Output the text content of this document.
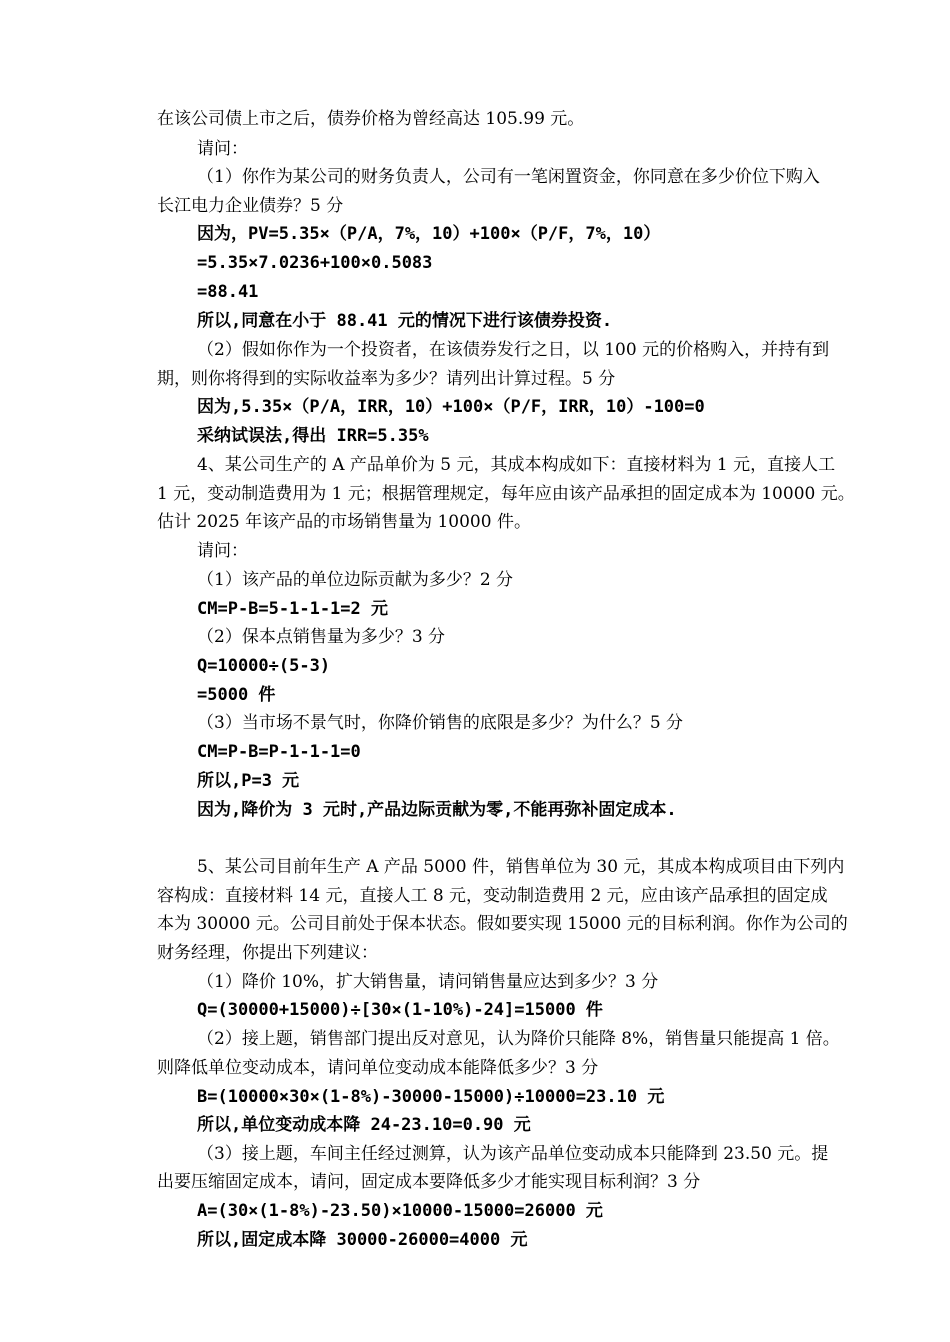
在该公司债上市之后，债券价格为曾经高达 105.99 元。
请问：
（1）你作为某公司的财务负责人，公司有一笔闲置资金，你同意在多少价位下购入
长江电力企业债券？5 分
因为，PV=5.35×（P/A，7%，10）+100×（P/F，7%，10）
=5.35×7.0236+100×0.5083
=88.41
所以,同意在小于 88.41 元的情况下进行该债券投资.
（2）假如你作为一个投资者，在该债券发行之日，以 100 元的价格购入，并持有到
期，则你将得到的实际收益率为多少？请列出计算过程。5 分
因为,5.35×（P/A，IRR，10）+100×（P/F，IRR，10）-100=0
采纳试误法,得出 IRR=5.35%
4、某公司生产的 A 产品单价为 5 元，其成本构成如下：直接材料为 1 元，直接人工
1 元，变动制造费用为 1 元；根据管理规定，每年应由该产品承担的固定成本为 10000 元。
估计 2025 年该产品的市场销售量为 10000 件。
请问：
（1）该产品的单位边际贡献为多少？2 分
CM=P-B=5-1-1-1=2 元
（2）保本点销售量为多少？3 分
Q=10000÷(5-3)
=5000 件
（3）当市场不景气时，你降价销售的底限是多少？为什么？5 分
CM=P-B=P-1-1-1=0
所以,P=3 元
因为,降价为 3 元时,产品边际贡献为零,不能再弥补固定成本.
5、某公司目前年生产 A 产品 5000 件，销售单位为 30 元，其成本构成项目由下列内
容构成：直接材料 14 元，直接人工 8 元，变动制造费用 2 元，应由该产品承担的固定成
本为 30000 元。公司目前处于保本状态。假如要实现 15000 元的目标利润。你作为公司的
财务经理，你提出下列建议：
（1）降价 10%，扩大销售量，请问销售量应达到多少？3 分
Q=(30000+15000)÷[30×(1-10%)-24]=15000 件
（2）接上题，销售部门提出反对意见，认为降价只能降 8%，销售量只能提高 1 倍。
则降低单位变动成本，请问单位变动成本能降低多少？3 分
B=(10000×30×(1-8%)-30000-15000)÷10000=23.10 元
所以,单位变动成本降 24-23.10=0.90 元
（3）接上题，车间主任经过测算，认为该产品单位变动成本只能降到 23.50 元。提
出要压缩固定成本，请问，固定成本要降低多少才能实现目标利润？3 分
A=(30×(1-8%)-23.50)×10000-15000=26000 元
所以,固定成本降 30000-26000=4000 元
